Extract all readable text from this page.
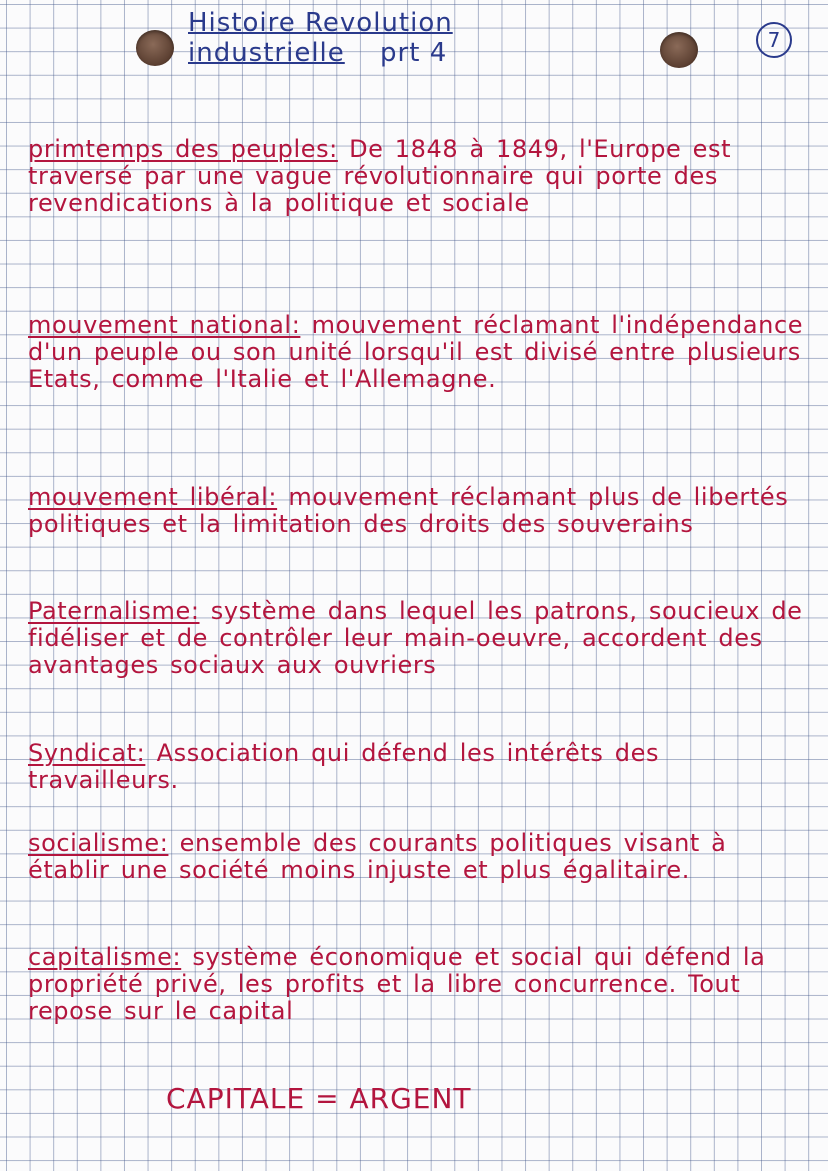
Histoire Revolution
industrielle prt 4	7
primtemps des peuples: De 1848 à 1849, l'Europe est traversé par une vague révolutionnaire qui porte des revendications à la politique et sociale
mouvement national: mouvement réclamant l'indépendance d'un peuple ou son unité lorsqu'il est divisé entre plusieurs Etats, comme l'Italie et l'Allemagne.
mouvement libéral: mouvement réclamant plus de libertés politiques et la limitation des droits des souverains
Paternalisme: système dans lequel les patrons, soucieux de fidéliser et de contrôler leur main-oeuvre, accordent des avantages sociaux aux ouvriers
Syndicat: Association qui défend les intérêts des travailleurs.
socialisme: ensemble des courants politiques visant à établir une société moins injuste et plus égalitaire.
capitalisme: système économique et social qui défend la propriété privé, les profits et la libre concurrence. Tout repose sur le capital
CAPITALE = ARGENT
